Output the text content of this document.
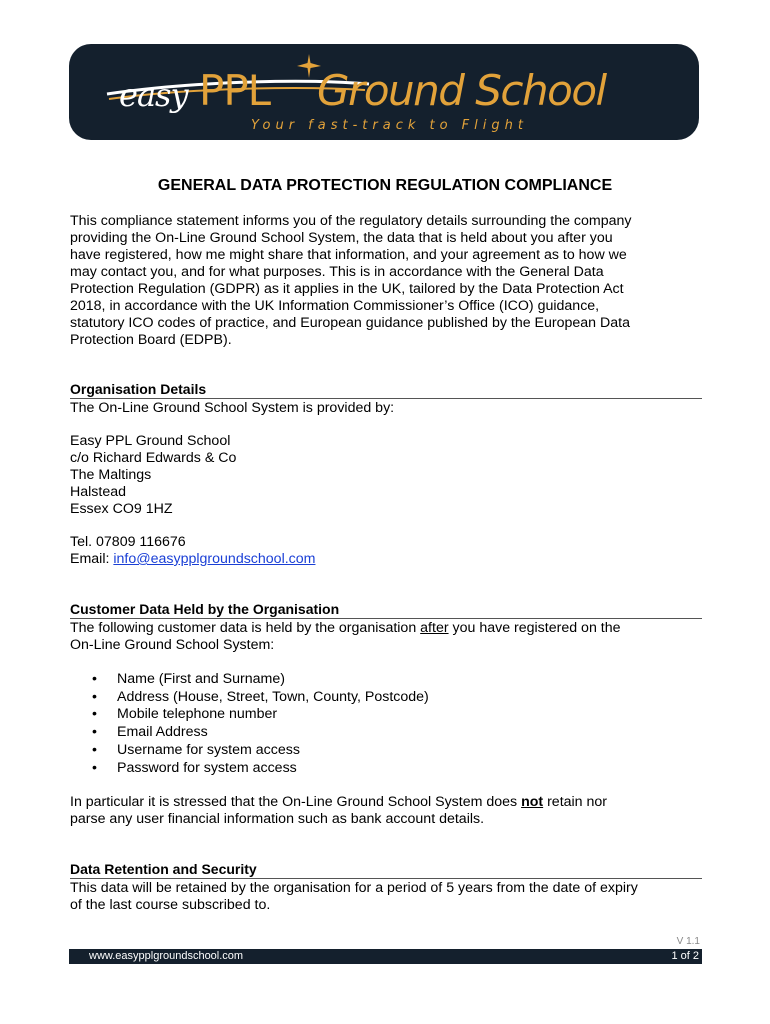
easy PPL Ground School
Your fast-track to Flight
GENERAL DATA PROTECTION REGULATION COMPLIANCE
This compliance statement informs you of the regulatory details surrounding the company
providing the On-Line Ground School System, the data that is held about you after you
have registered, how me might share that information, and your agreement as to how we
may contact you, and for what purposes. This is in accordance with the General Data
Protection Regulation (GDPR) as it applies in the UK, tailored by the Data Protection Act
2018, in accordance with the UK Information Commissioner’s Office (ICO) guidance,
statutory ICO codes of practice, and European guidance published by the European Data
Protection Board (EDPB).
Organisation Details
The On-Line Ground School System is provided by:
Easy PPL Ground School
c/o Richard Edwards & Co
The Maltings
Halstead
Essex CO9 1HZ
Tel. 07809 116676
Email: info@easypplgroundschool.com
Customer Data Held by the Organisation
The following customer data is held by the organisation after you have registered on the
On-Line Ground School System:
• Name (First and Surname)
• Address (House, Street, Town, County, Postcode)
• Mobile telephone number
• Email Address
• Username for system access
• Password for system access
In particular it is stressed that the On-Line Ground School System does not retain nor
parse any user financial information such as bank account details.
Data Retention and Security
This data will be retained by the organisation for a period of 5 years from the date of expiry
of the last course subscribed to.
V 1.1
www.easypplgroundschool.com	1 of 2
